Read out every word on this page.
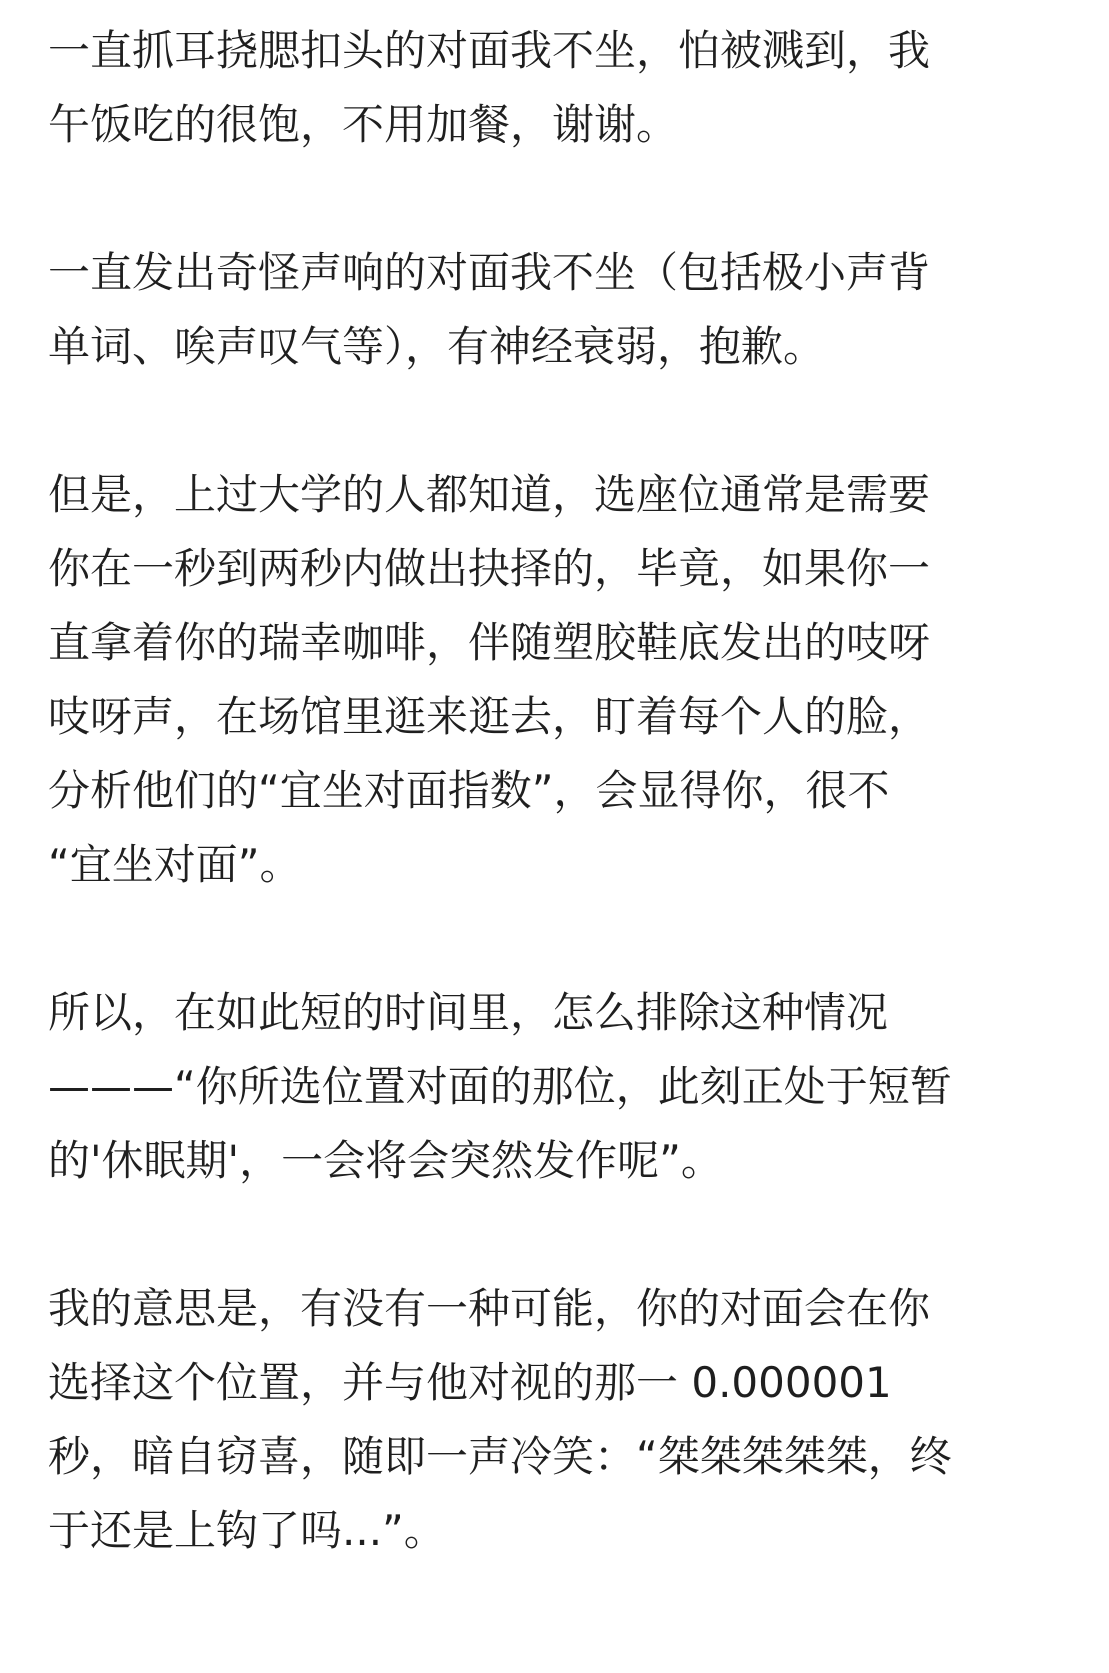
一直抓耳挠腮扣头的对面我不坐，怕被溅到，我
午饭吃的很饱，不用加餐，谢谢。

一直发出奇怪声响的对面我不坐（包括极小声背
单词、唉声叹气等），有神经衰弱，抱歉。

但是，上过大学的人都知道，选座位通常是需要
你在一秒到两秒内做出抉择的，毕竟，如果你一
直拿着你的瑞幸咖啡，伴随塑胶鞋底发出的吱呀
吱呀声，在场馆里逛来逛去，盯着每个人的脸，
分析他们的“宜坐对面指数”，会显得你，很不
“宜坐对面”。

所以，在如此短的时间里，怎么排除这种情况
———“你所选位置对面的那位，此刻正处于短暂
的'休眠期'，一会将会突然发作呢”。

我的意思是，有没有一种可能，你的对面会在你
选择这个位置，并与他对视的那一 0.000001
秒，暗自窃喜，随即一声冷笑：“桀桀桀桀桀，终
于还是上钩了吗...”。
